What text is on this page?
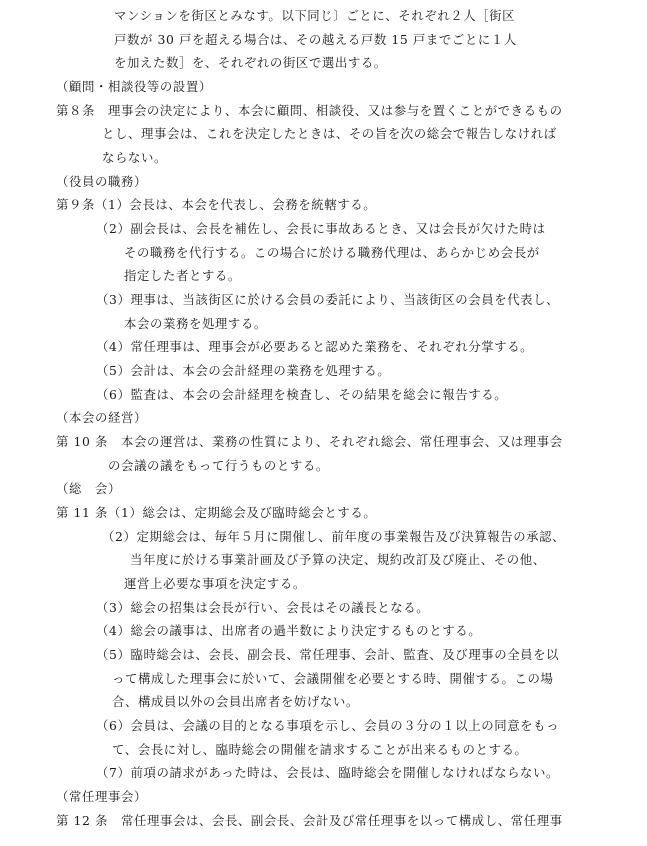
マンションを街区とみなす。以下同じ〕ごとに、それぞれ２人［街区
戸数が 30 戸を超える場合は、その越える戸数 15 戸までごとに１人
を加えた数］を、それぞれの街区で選出する。
（顧問・相談役等の設置）
第８条　理事会の決定により、本会に顧問、相談役、又は参与を置くことができるもの
とし、理事会は、これを決定したときは、その旨を次の総会で報告しなければ
ならない。
（役員の職務）
第９条（1）会長は、本会を代表し、会務を統轄する。
（2）副会長は、会長を補佐し、会長に事故あるとき、又は会長が欠けた時は
その職務を代行する。この場合に於ける職務代理は、あらかじめ会長が
指定した者とする。
（3）理事は、当該街区に於ける会員の委託により、当該街区の会員を代表し、
本会の業務を処理する。
（4）常任理事は、理事会が必要あると認めた業務を、それぞれ分掌する。
（5）会計は、本会の会計経理の業務を処理する。
（6）監査は、本会の会計経理を検査し、その結果を総会に報告する。
（本会の経営）
第 10 条　本会の運営は、業務の性質により、それぞれ総会、常任理事会、又は理事会
の会議の議をもって行うものとする。
（総　会）
第 11 条（1）総会は、定期総会及び臨時総会とする。
（2）定期総会は、毎年５月に開催し、前年度の事業報告及び決算報告の承認、
当年度に於ける事業計画及び予算の決定、規約改訂及び廃止、その他、
運営上必要な事項を決定する。
（3）総会の招集は会長が行い、会長はその議長となる。
（4）総会の議事は、出席者の過半数により決定するものとする。
（5）臨時総会は、会長、副会長、常任理事、会計、監査、及び理事の全員を以
って構成した理事会に於いて、会議開催を必要とする時、開催する。この場
合、構成員以外の会員出席者を妨げない。
（6）会員は、会議の目的となる事項を示し、会員の３分の１以上の同意をもっ
て、会長に対し、臨時総会の開催を請求することが出来るものとする。
（7）前項の請求があった時は、会長は、臨時総会を開催しなければならない。
（常任理事会）
第 12 条　常任理事会は、会長、副会長、会計及び常任理事を以って構成し、常任理事
